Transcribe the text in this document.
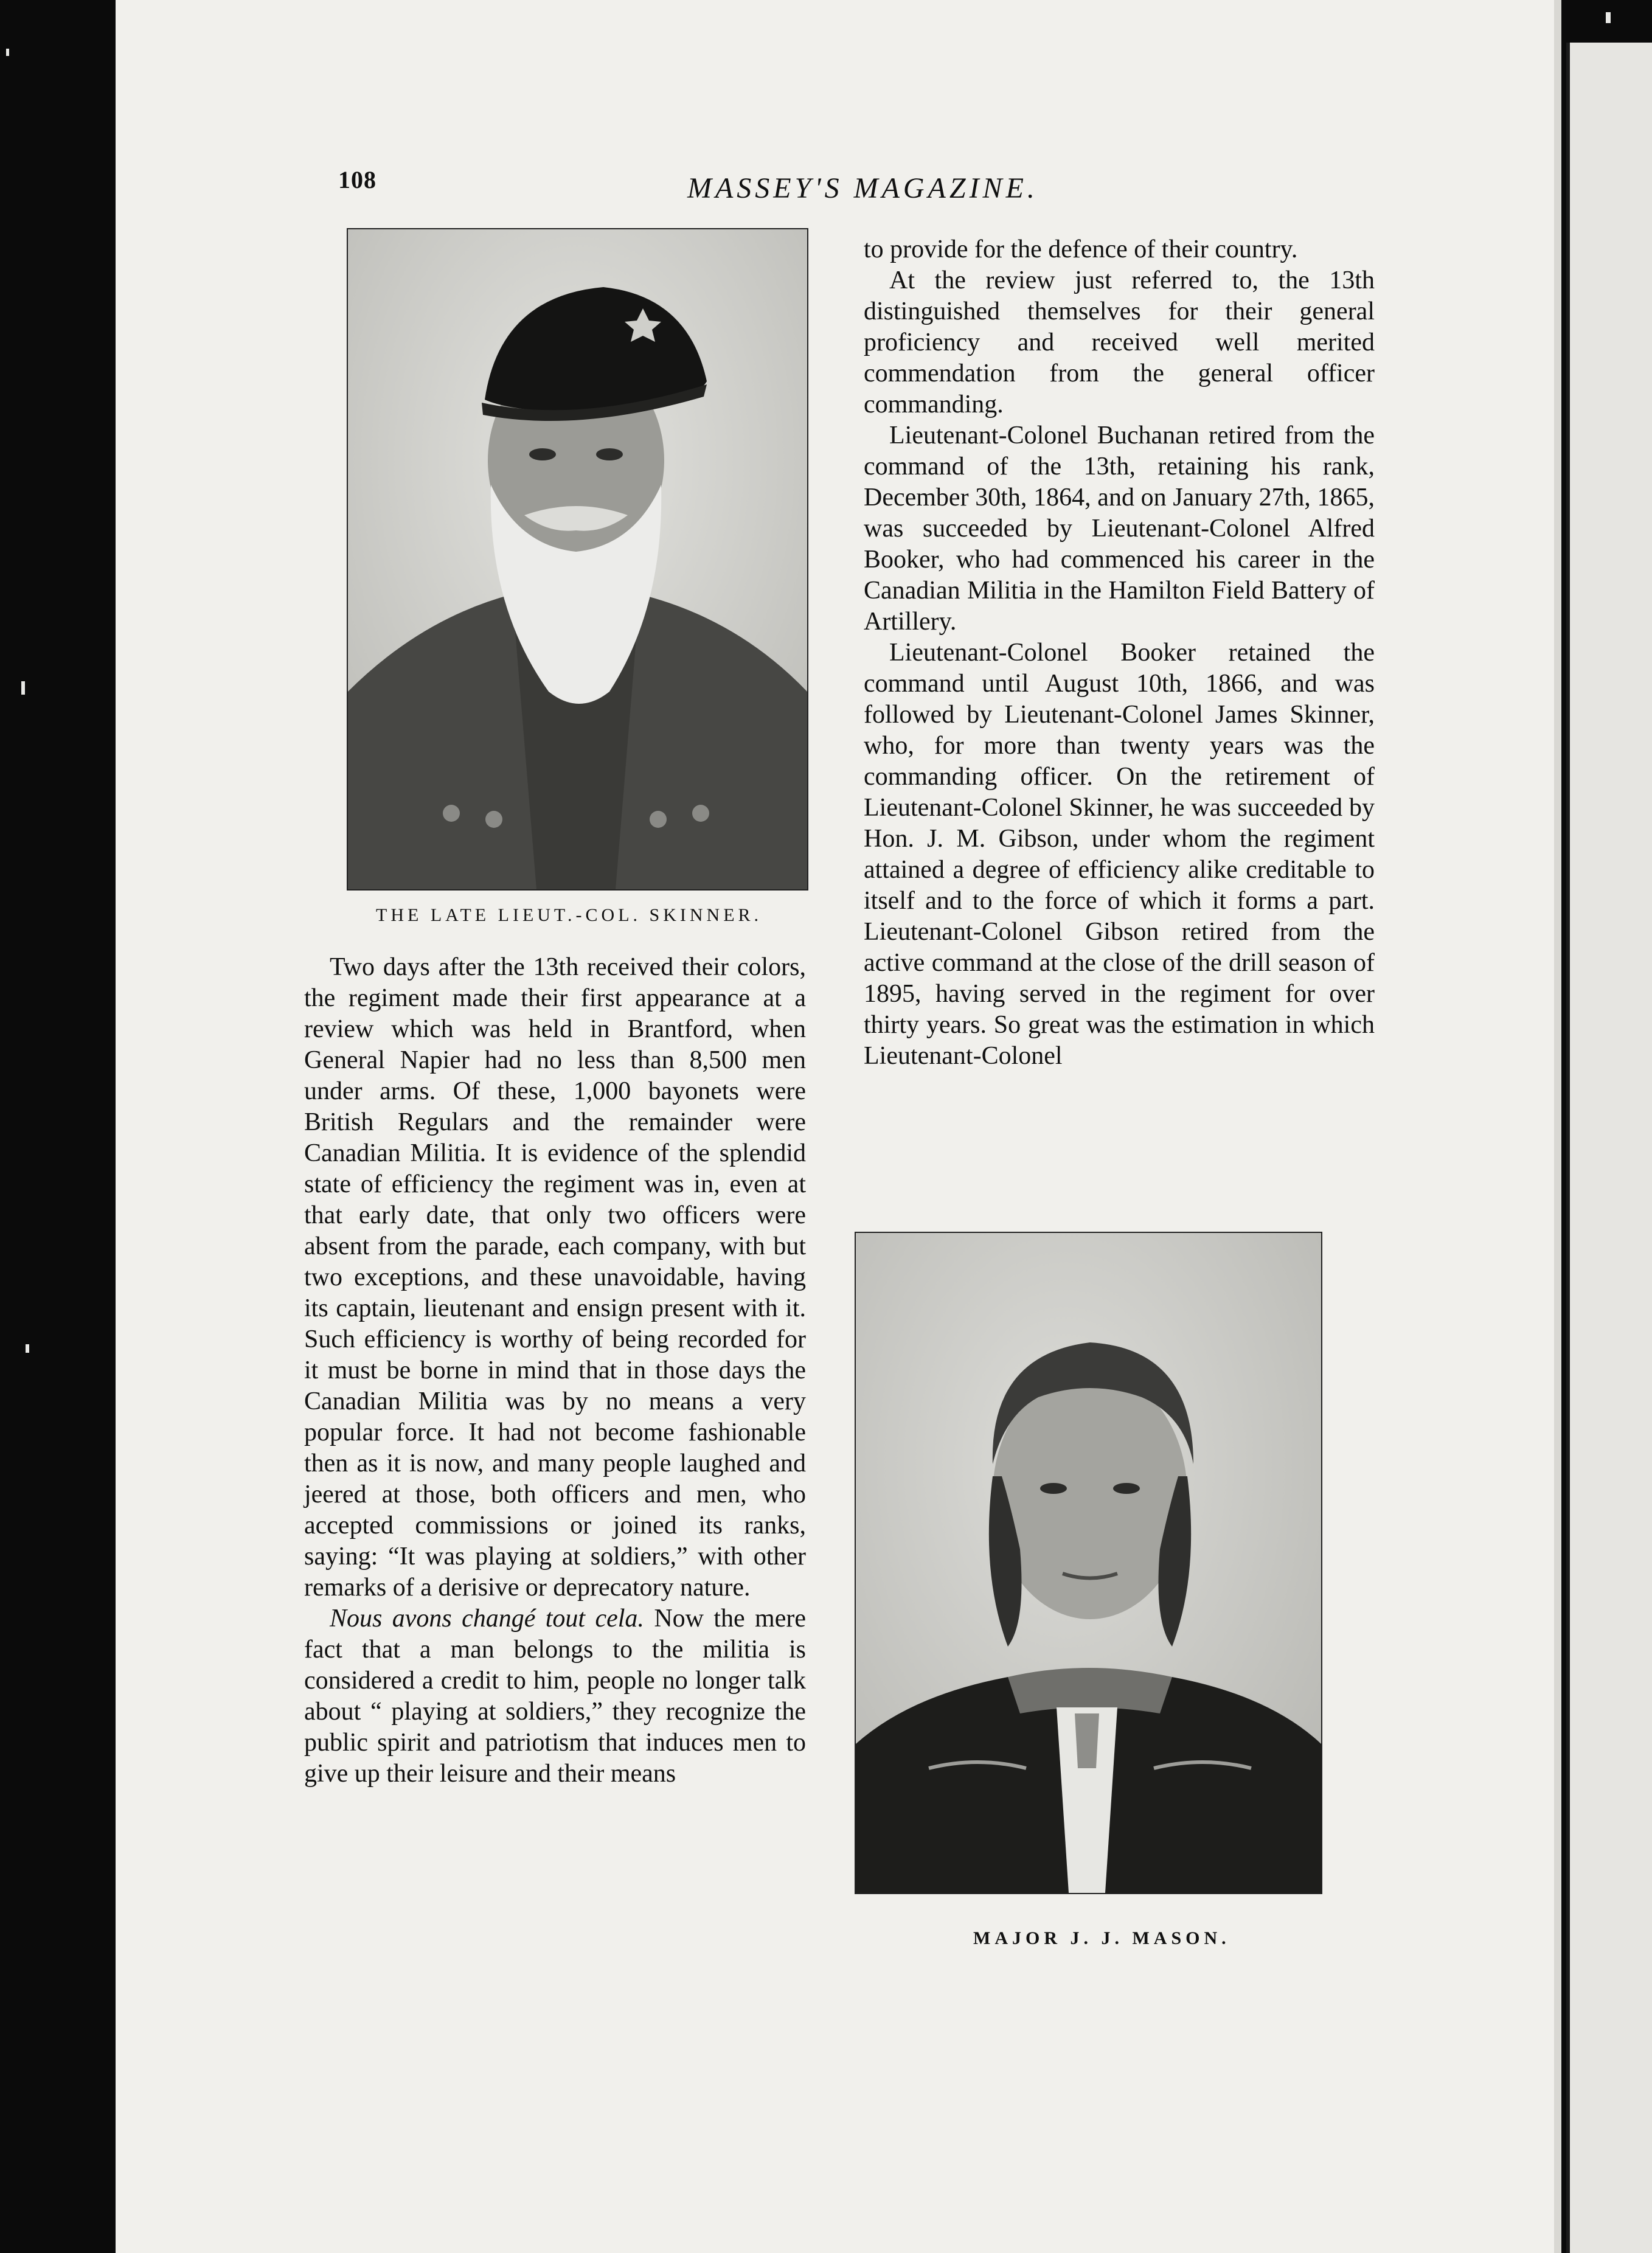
108	MASSEY'S MAGAZINE.
THE LATE LIEUT.-COL. SKINNER.

Two days after the 13th received their colors, the regiment made their first appearance at a review which was held in Brantford, when General Napier had no less than 8,500 men under arms. Of these, 1,000 bayonets were British Regulars and the remainder were Canadian Militia. It is evidence of the splendid state of efficiency the regiment was in, even at that early date, that only two officers were absent from the parade, each company, with but two exceptions, and these unavoidable, having its captain, lieutenant and ensign present with it. Such efficiency is worthy of being recorded for it must be borne in mind that in those days the Canadian Militia was by no means a very popular force. It had not become fashionable then as it is now, and many people laughed and jeered at those, both officers and men, who accepted commissions or joined its ranks, saying: “It was playing at soldiers,” with other remarks of a derisive or deprecatory nature.

Nous avons changé tout cela. Now the mere fact that a man belongs to the militia is considered a credit to him, people no longer talk about “ playing at soldiers,” they recognize the public spirit and patriotism that induces men to give up their leisure and their means

to provide for the defence of their country.

At the review just referred to, the 13th distinguished themselves for their general proficiency and received well merited commendation from the general officer commanding.

Lieutenant-Colonel Buchanan retired from the command of the 13th, retaining his rank, December 30th, 1864, and on January 27th, 1865, was succeeded by Lieutenant-Colonel Alfred Booker, who had commenced his career in the Canadian Militia in the Hamilton Field Battery of Artillery.

Lieutenant-Colonel Booker retained the command until August 10th, 1866, and was followed by Lieutenant-Colonel James Skinner, who, for more than twenty years was the commanding officer. On the retirement of Lieutenant-Colonel Skinner, he was succeeded by Hon. J. M. Gibson, under whom the regiment attained a degree of efficiency alike creditable to itself and to the force of which it forms a part. Lieutenant-Colonel Gibson retired from the active command at the close of the drill season of 1895, having served in the regiment for over thirty years. So great was the estimation in which Lieutenant-Colonel

MAJOR J. J. MASON.
